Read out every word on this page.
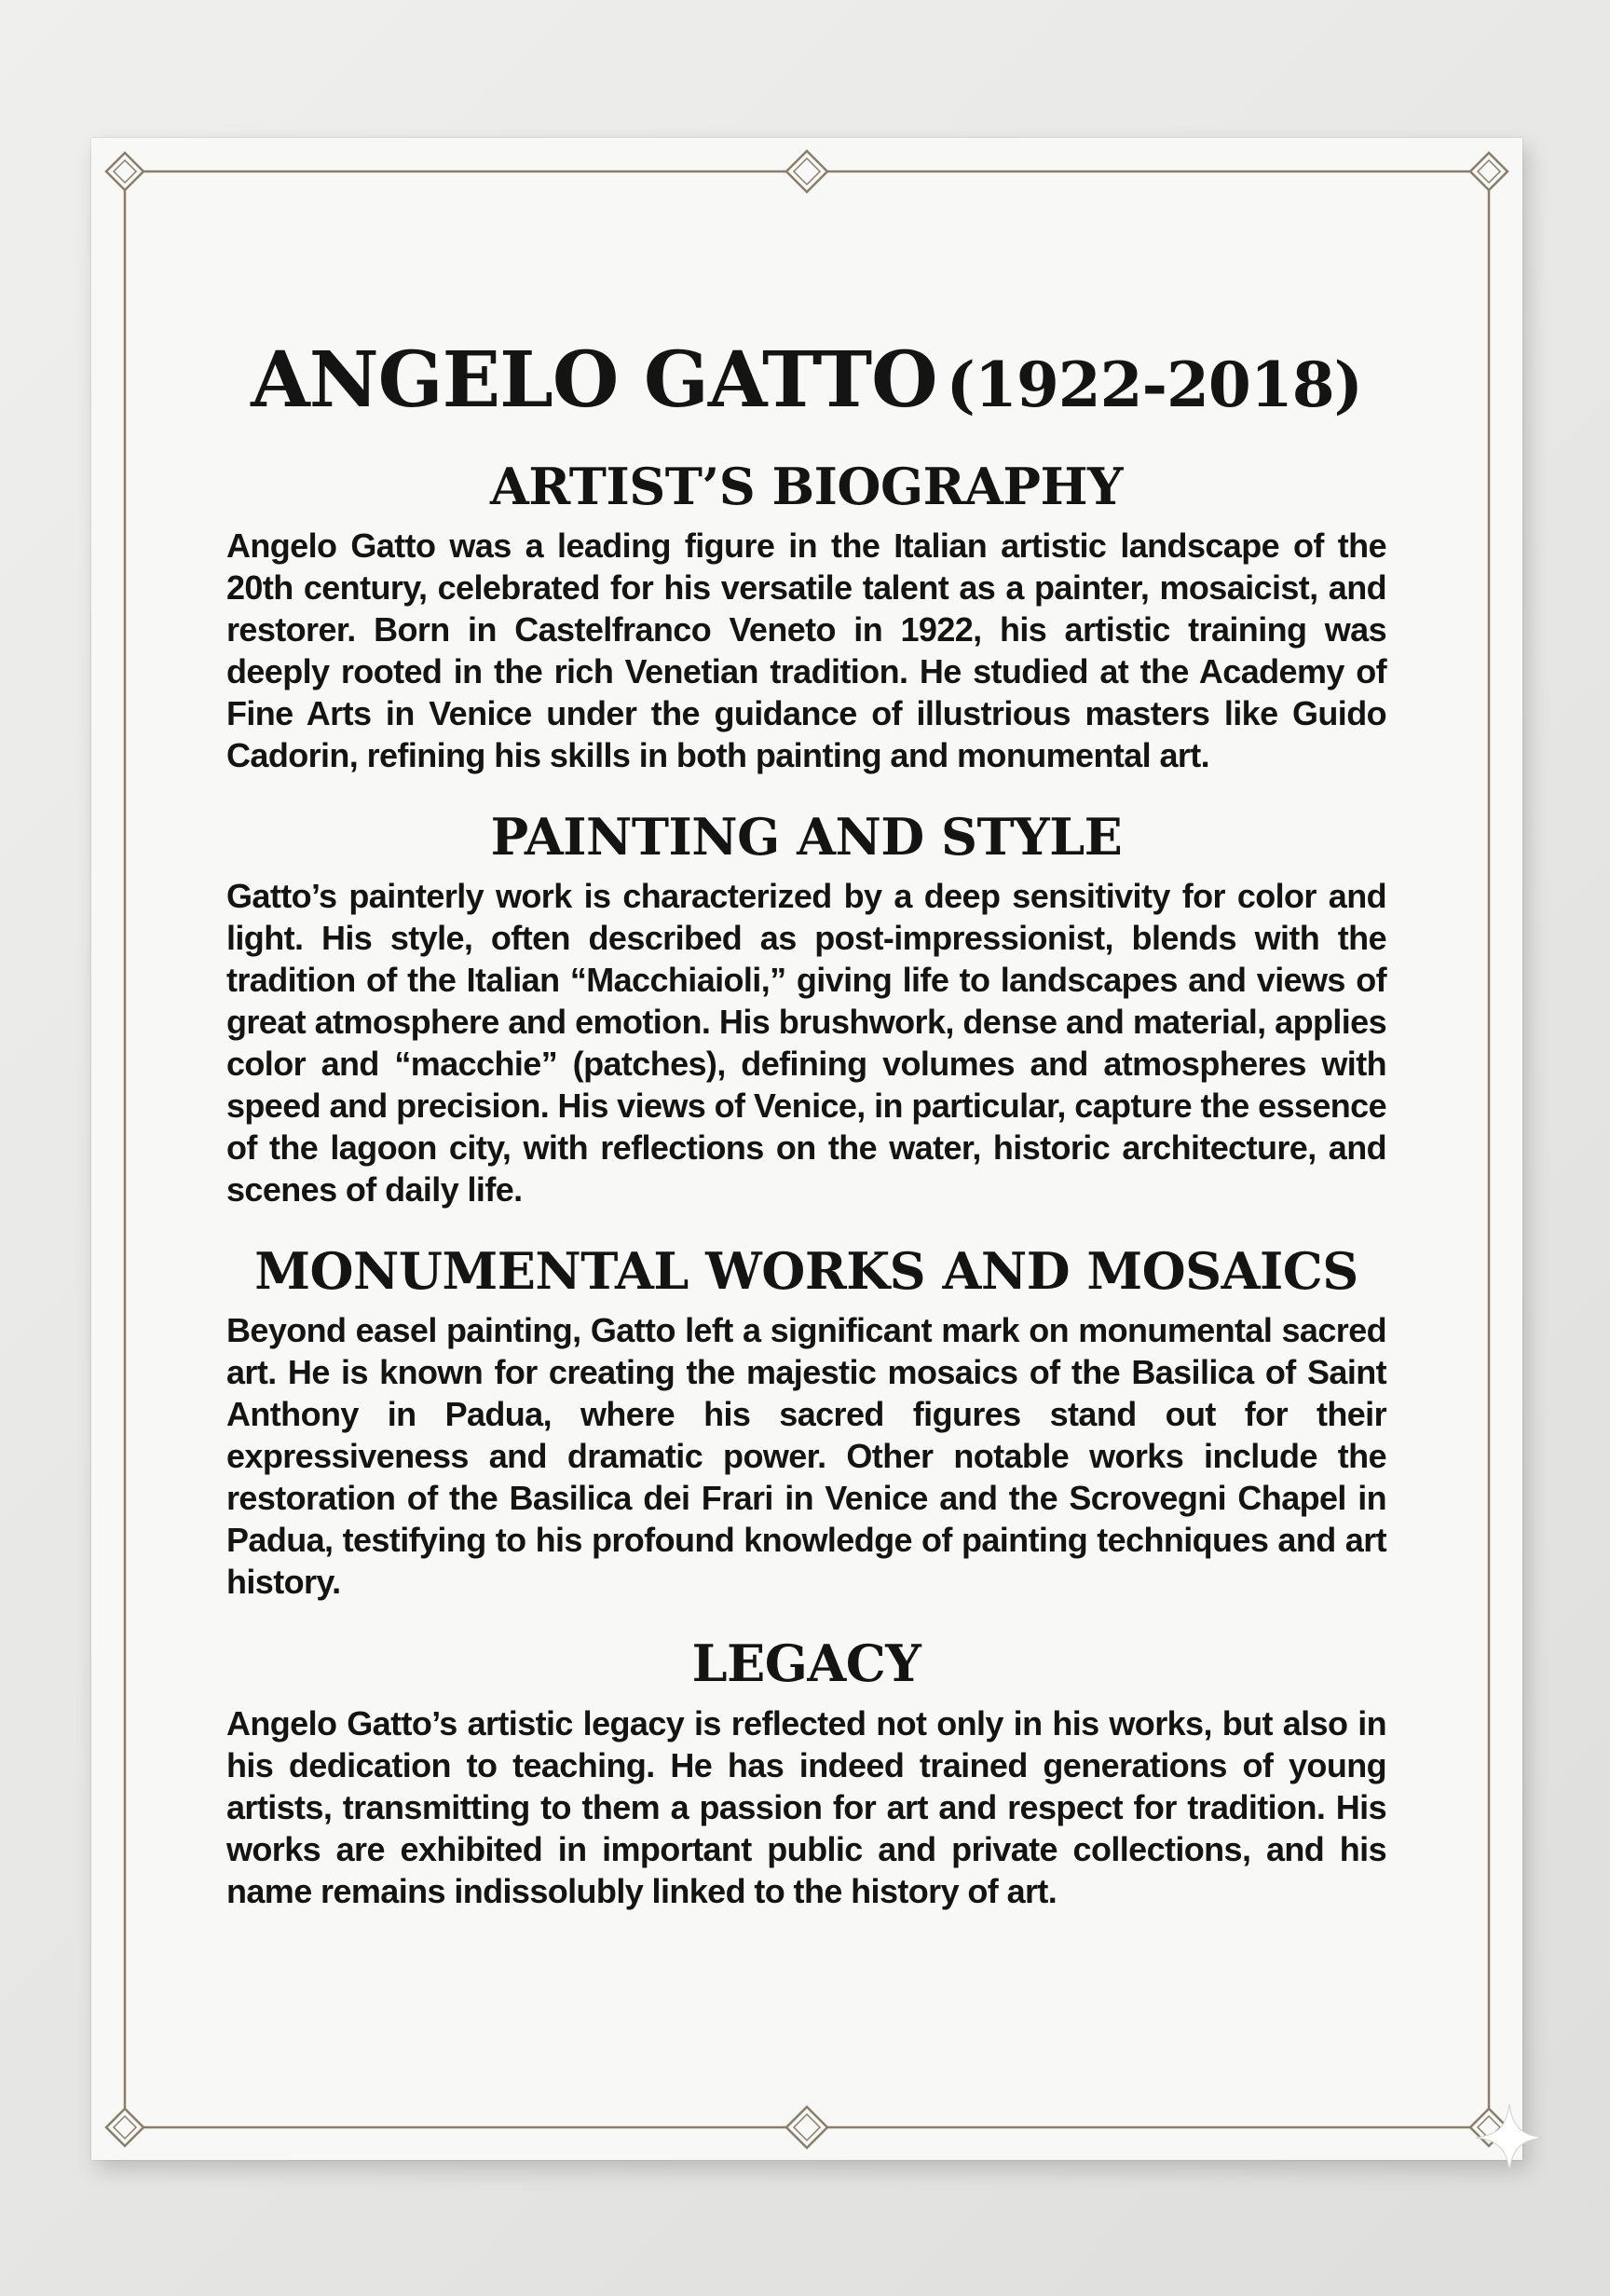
ANGELO GATTO (1922-2018)
ARTIST’S BIOGRAPHY

Angelo Gatto was a leading figure in the Italian artistic landscape of the 20th century, celebrated for his versatile talent as a painter, mosaicist, and restorer. Born in Castelfranco Veneto in 1922, his artistic training was deeply rooted in the rich Venetian tradition. He studied at the Academy of Fine Arts in Venice under the guidance of illustrious masters like Guido Cadorin, refining his skills in both painting and monumental art.

PAINTING AND STYLE

Gatto’s painterly work is characterized by a deep sensitivity for color and light. His style, often described as post-impressionist, blends with the tradition of the Italian “Macchiaioli,” giving life to landscapes and views of great atmosphere and emotion. His brushwork, dense and material, applies color and “macchie” (patches), defining volumes and atmospheres with speed and precision. His views of Venice, in particular, capture the essence of the lagoon city, with reflections on the water, historic architecture, and scenes of daily life.

MONUMENTAL WORKS AND MOSAICS

Beyond easel painting, Gatto left a significant mark on monumental sacred art. He is known for creating the majestic mosaics of the Basilica of Saint Anthony in Padua, where his sacred figures stand out for their expressiveness and dramatic power. Other notable works include the restoration of the Basilica dei Frari in Venice and the Scrovegni Chapel in Padua, testifying to his profound knowledge of painting techniques and art history.

LEGACY

Angelo Gatto’s artistic legacy is reflected not only in his works, but also in his dedication to teaching. He has indeed trained generations of young artists, transmitting to them a passion for art and respect for tradition. His works are exhibited in important public and private collections, and his name remains indissolubly linked to the history of art.
